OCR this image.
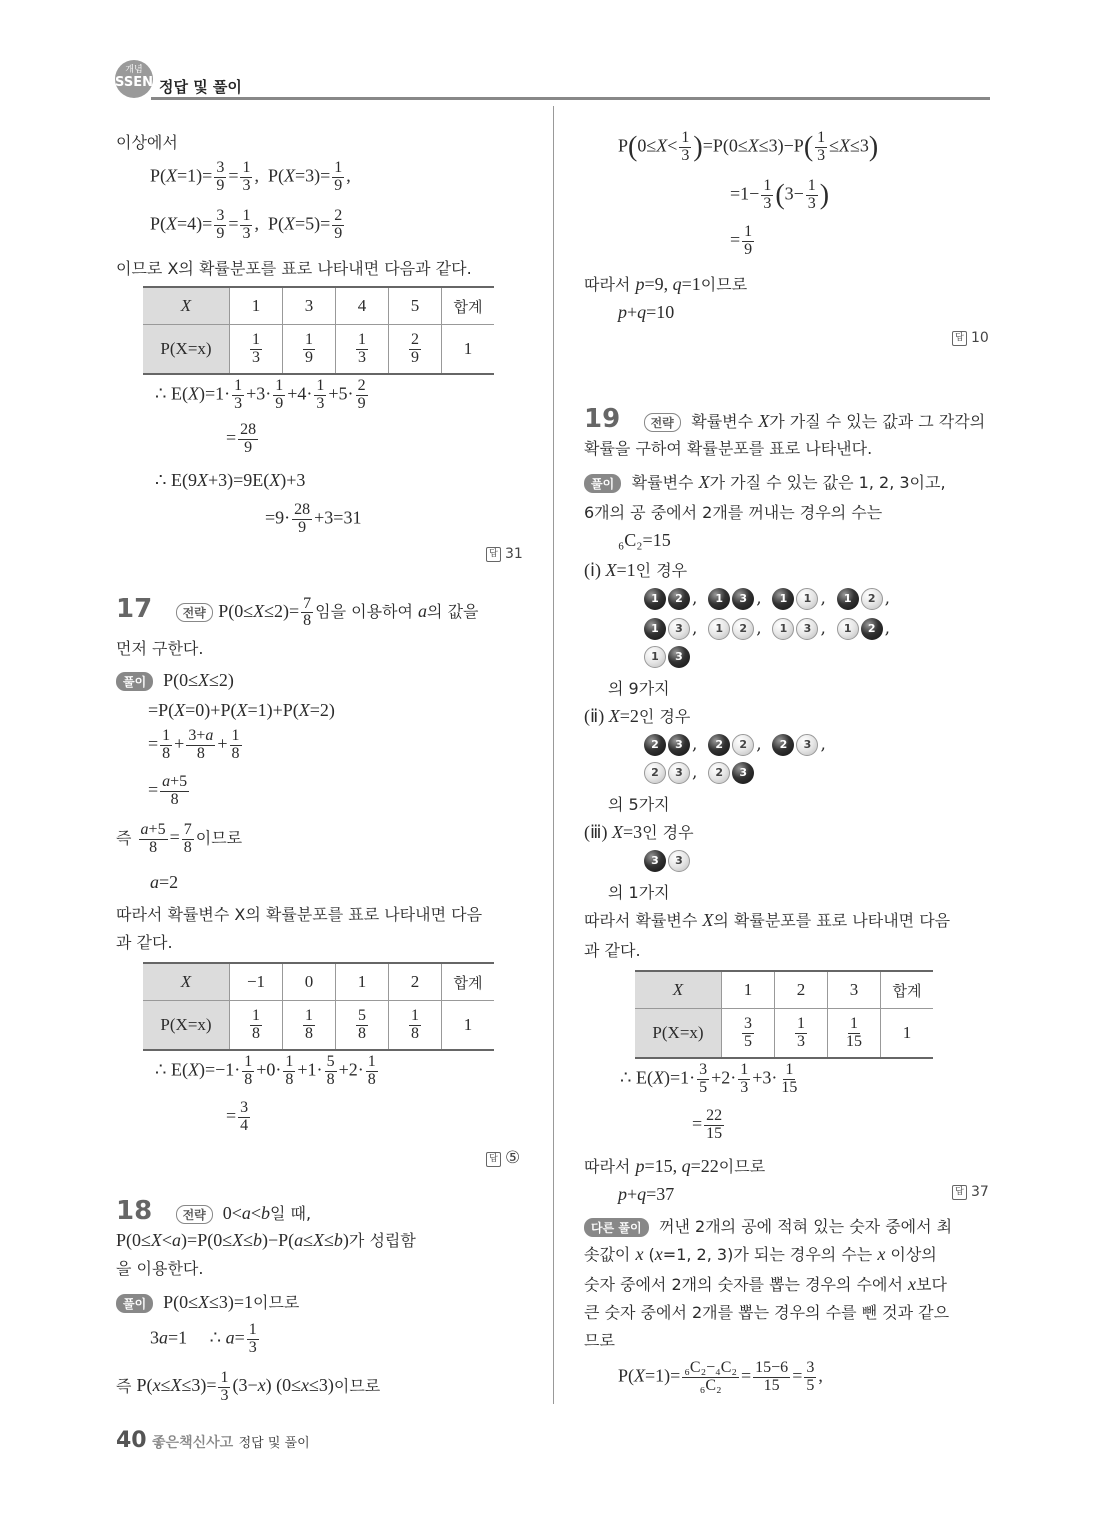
개념
SSEN 정답 및 풀이
이상에서
$P(X=1)= \frac{3}{9} = \frac{1}{3}$ ,  $P(X=3)= \frac{1}{9}$ ,
$P(X=4)= \frac{3}{9} = \frac{1}{3}$ ,  $P(X=5)= \frac{2}{9}$
이므로 X의 확률분포를 표로 나타내면 다음과 같다.
X	1	3	4	5	합계
P(X=x)	$\frac{1}{3}$	$\frac{1}{9}$	$\frac{1}{3}$	$\frac{2}{9}$	1
∴ $E(X)=1\cdot \frac{1}{3} +3\cdot \frac{1}{9} +4\cdot \frac{1}{3} +5\cdot \frac{2}{9}$
= $\frac{28}{9}$
∴ E(9X+3)=9E(X)+3
$=9\cdot \frac{28}{9} +3=31$
답 31
17	전략 $P(0\le X\le 2)= \frac{7}{8}$ 임을 이용하여 a의 값을
먼저 구한다.
풀이  P(0≤X≤2)
=P(X=0)+P(X=1)+P(X=2)
= $\frac{1}{8} + \frac{3+a}{8} + \frac{1}{8}$
= $\frac{a+5}{8}$
즉 $\frac{a+5}{8} = \frac{7}{8}$ 이므로
a=2
따라서 확률변수 X의 확률분포를 표로 나타내면 다음
과 같다.
X	−1	0	1	2	합계
P(X=x)	$\frac{1}{8}$	$\frac{1}{8}$	$\frac{5}{8}$	$\frac{1}{8}$	1
∴ $E(X)=-1\cdot \frac{1}{8} +0\cdot \frac{1}{8} +1\cdot \frac{5}{8} +2\cdot \frac{1}{8}$
= $\frac{3}{4}$
답 ⑤
18	전략  0<a<b일 때,
P(0≤X<a)=P(0≤X≤b)−P(a≤X≤b)가 성립함
을 이용한다.
풀이  P(0≤X≤3)=1이므로
3a=1     ∴ $a= \frac{1}{3}$
즉 $P(x\le X\le 3)= \frac{1}{3} (3-x)$ (0≤x≤3)이므로
40 좋은책신사고 정답 및 풀이
$P(0\le X< \frac{1}{3} )=P(0\le X\le 3)-P( \frac{1}{3} \le X\le 3)$
$=1- \frac{1}{3} (3- \frac{1}{3}$ )
= $\frac{1}{9}$
따라서 p=9, q=1이므로
p+q=10
답 10
19	전략  확률변수 X가 가질 수 있는 값과 그 각각의
확률을 구하여 확률분포를 표로 나타낸다.
풀이  확률변수 X가 가질 수 있는 값은 1, 2, 3이고,
6개의 공 중에서 2개를 꺼내는 경우의 수는
₆C₂=15
(ⅰ) X=1인 경우
1 2 ,  1 3 ,  1 1 ,  1 2 ,
1 3 ,  1 2 ,  1 3 ,  1 2 ,
1 3
의 9가지
(ⅱ) X=2인 경우
2 3 ,  2 2 ,  2 3 ,
2 3 ,  2 3
의 5가지
(ⅲ) X=3인 경우
3 3
의 1가지
따라서 확률변수 X의 확률분포를 표로 나타내면 다음
과 같다.
X	1	2	3	합계
P(X=x)	$\frac{3}{5}$	$\frac{1}{3}$	$\frac{1}{15}$	1
∴ $E(X)=1\cdot \frac{3}{5} +2\cdot \frac{1}{3} +3\cdot \frac{1}{15}$
= $\frac{22}{15}$
따라서 p=15, q=22이므로
p+q=37	답 37
다른 풀이  꺼낸 2개의 공에 적혀 있는 숫자 중에서 최
솟값이 x (x=1, 2, 3)가 되는 경우의 수는 x 이상의
숫자 중에서 2개의 숫자를 뽑는 경우의 수에서 x보다
큰 숫자 중에서 2개를 뽑는 경우의 수를 뺀 것과 같으
므로
$P(X=1)= \frac{\text{₆C₂−₄C₂}}{\text{₆C₂}} = \frac{15-6}{15} = \frac{3}{5}$ ,
